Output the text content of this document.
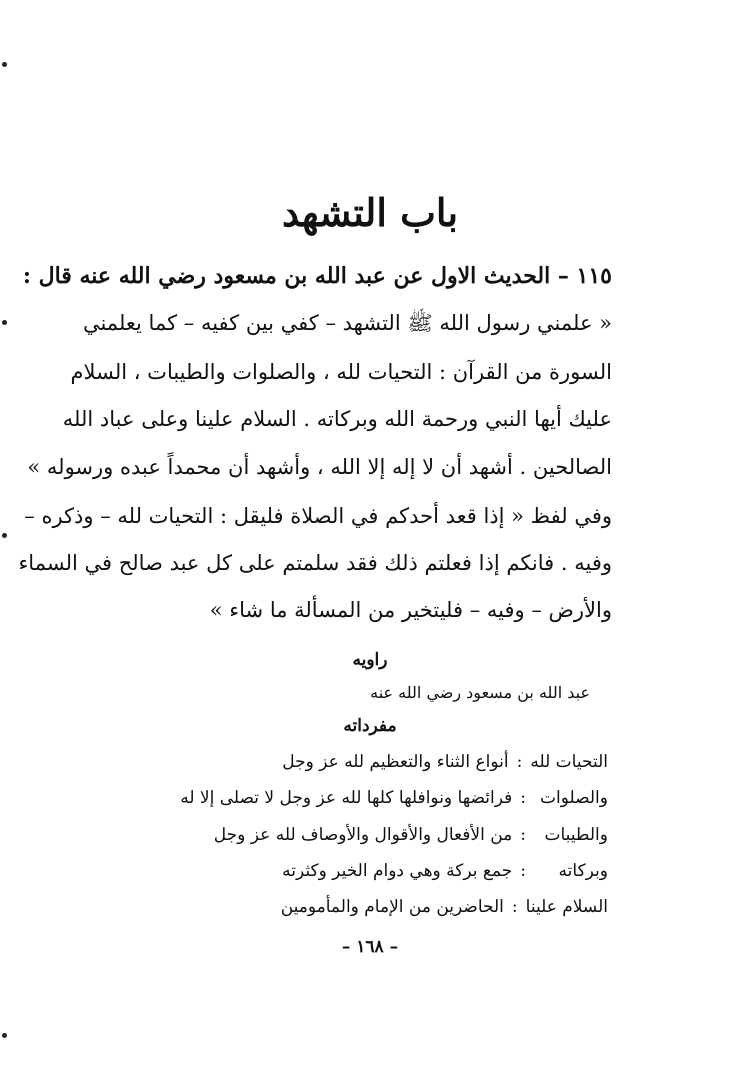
باب التشهد
١١٥ – الحديث الاول عن عبد الله بن مسعود رضي الله عنه قال :
« علمني رسول الله ﷺ التشهد – كفي بين كفيه – كما يعلمني
السورة من القرآن : التحيات لله ، والصلوات والطيبات ، السلام
عليك أيها النبي ورحمة الله وبركاته . السلام علينا وعلى عباد الله
الصالحين . أشهد أن لا إله إلا الله ، وأشهد أن محمداً عبده ورسوله »
وفي لفظ « إذا قعد أحدكم في الصلاة فليقل : التحيات لله – وذكره –
وفيه . فانكم إذا فعلتم ذلك فقد سلمتم على كل عبد صالح في السماء
والأرض – وفيه – فليتخير من المسألة ما شاء »
راويه
عبد الله بن مسعود رضي الله عنه
مفرداته
التحيات لله:أنواع الثناء والتعظيم لله عز وجل
والصلوات:فرائضها ونوافلها كلها لله عز وجل لا تصلى إلا له
والطيبات:من الأفعال والأقوال والأوصاف لله عز وجل
وبركاته:جمع بركة وهي دوام الخير وكثرته
السلام علينا:الحاضرين من الإمام والمأمومين
– ١٦٨ –
